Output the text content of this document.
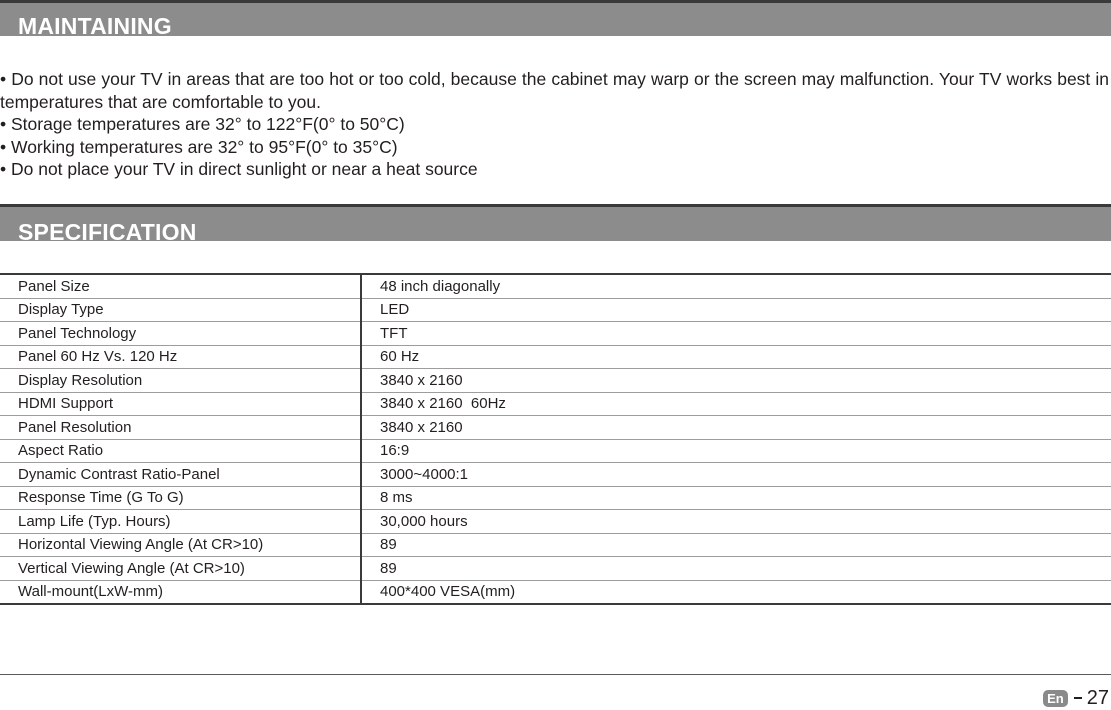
MAINTAINING

• Do not use your TV in areas that are too hot or too cold, because the cabinet may warp or the screen may malfunction. Your TV works best in temperatures that are comfortable to you.

• Storage temperatures are 32° to 122°F(0° to 50°C)

• Working temperatures are 32° to 95°F(0° to 35°C)

• Do not place your TV in direct sunlight or near a heat source

SPECIFICATION
Panel Size	48 inch diagonally
Display Type	LED
Panel Technology	TFT
Panel 60 Hz Vs. 120 Hz	60 Hz
Display Resolution	3840 x 2160
HDMI Support	3840 x 2160  60Hz
Panel Resolution	3840 x 2160
Aspect Ratio	16:9
Dynamic Contrast Ratio-Panel	3000~4000:1
Response Time (G To G)	8 ms
Lamp Life (Typ. Hours)	30,000 hours
Horizontal Viewing Angle (At CR>10)	89
Vertical Viewing Angle (At CR>10)	89
Wall-mount(LxW-mm)	400*400 VESA(mm)
En 27
